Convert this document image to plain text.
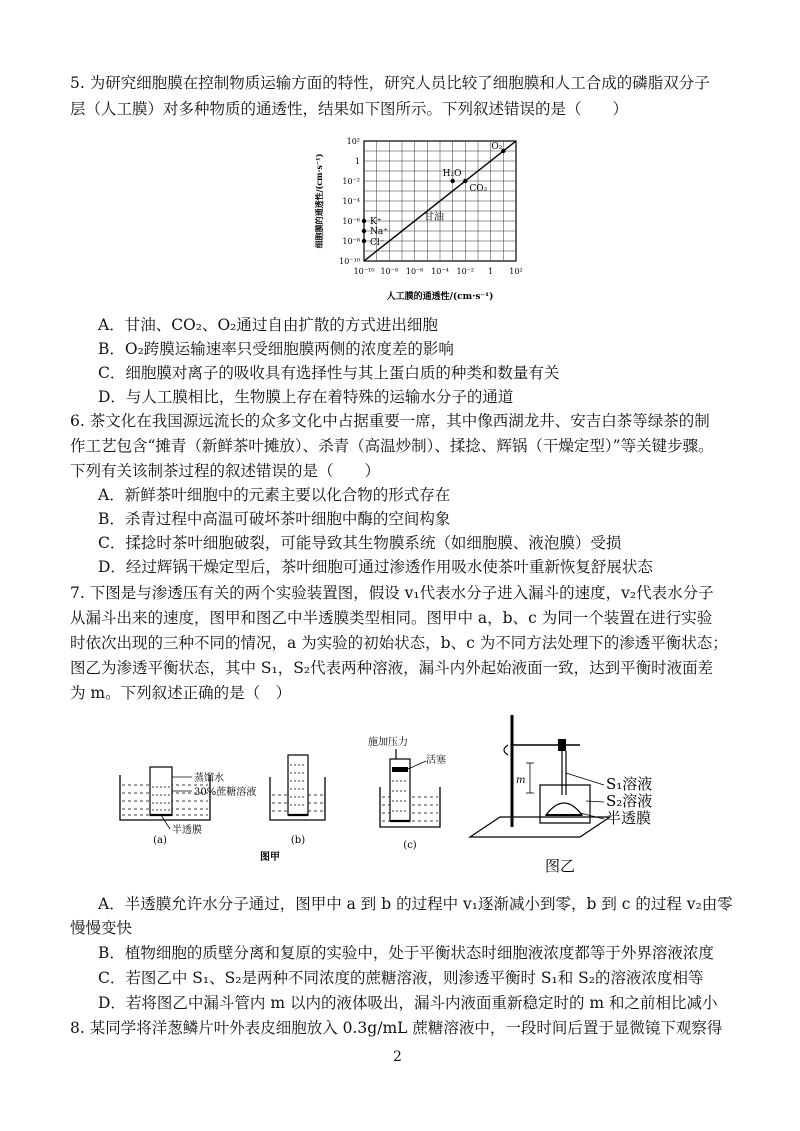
5. 为研究细胞膜在控制物质运输方面的特性，研究人员比较了细胞膜和人工合成的磷脂双分子
层（人工膜）对多种物质的通透性，结果如下图所示。下列叙述错误的是（　　）
H₂O
CO₂
O₂
K⁺
Na⁺
Cl⁻
甘油
10⁻¹⁰ 10⁻⁸ 10⁻⁶ 10⁻⁴ 10⁻² 1 10²
10²
1
10⁻²
10⁻⁴
10⁻⁶
10⁻⁸
10⁻¹⁰
人工膜的通透性/(cm·s⁻¹)
细胞膜的通透性/(cm·s⁻¹)
A．甘油、CO₂、O₂通过自由扩散的方式进出细胞
B．O₂跨膜运输速率只受细胞膜两侧的浓度差的影响
C．细胞膜对离子的吸收具有选择性与其上蛋白质的种类和数量有关
D．与人工膜相比，生物膜上存在着特殊的运输水分子的通道
6. 茶文化在我国源远流长的众多文化中占据重要一席，其中像西湖龙井、安吉白茶等绿茶的制
作工艺包含“摊青（新鲜茶叶摊放）、杀青（高温炒制）、揉捻、辉锅（干燥定型）”等关键步骤。
下列有关该制茶过程的叙述错误的是（　　）
A．新鲜茶叶细胞中的元素主要以化合物的形式存在
B．杀青过程中高温可破坏茶叶细胞中酶的空间构象
C．揉捻时茶叶细胞破裂，可能导致其生物膜系统（如细胞膜、液泡膜）受损
D．经过辉锅干燥定型后，茶叶细胞可通过渗透作用吸水使茶叶重新恢复舒展状态
7. 下图是与渗透压有关的两个实验装置图，假设 v₁代表水分子进入漏斗的速度，v₂代表水分子
从漏斗出来的速度，图甲和图乙中半透膜类型相同。图甲中 a，b、c 为同一个装置在进行实验
时依次出现的三种不同的情况，a 为实验的初始状态，b、c 为不同方法处理下的渗透平衡状态；
图乙为渗透平衡状态，其中 S₁，S₂代表两种溶液，漏斗内外起始液面一致，达到平衡时液面差
为 m。下列叙述正确的是（　）
蒸馏水
30%蔗糖溶液
半透膜
(a)	(b)
图甲
施加压力
活塞
(c)
m	S₁溶液
S₂溶液
半透膜
图乙
A．半透膜允许水分子通过，图甲中 a 到 b 的过程中 v₁逐渐减小到零，b 到 c 的过程 v₂由零
慢慢变快
B．植物细胞的质壁分离和复原的实验中，处于平衡状态时细胞液浓度都等于外界溶液浓度
C．若图乙中 S₁、S₂是两种不同浓度的蔗糖溶液，则渗透平衡时 S₁和 S₂的溶液浓度相等
D．若将图乙中漏斗管内 m 以内的液体吸出，漏斗内液面重新稳定时的 m 和之前相比减小
8. 某同学将洋葱鳞片叶外表皮细胞放入 0.3g/mL 蔗糖溶液中，一段时间后置于显微镜下观察得
2
